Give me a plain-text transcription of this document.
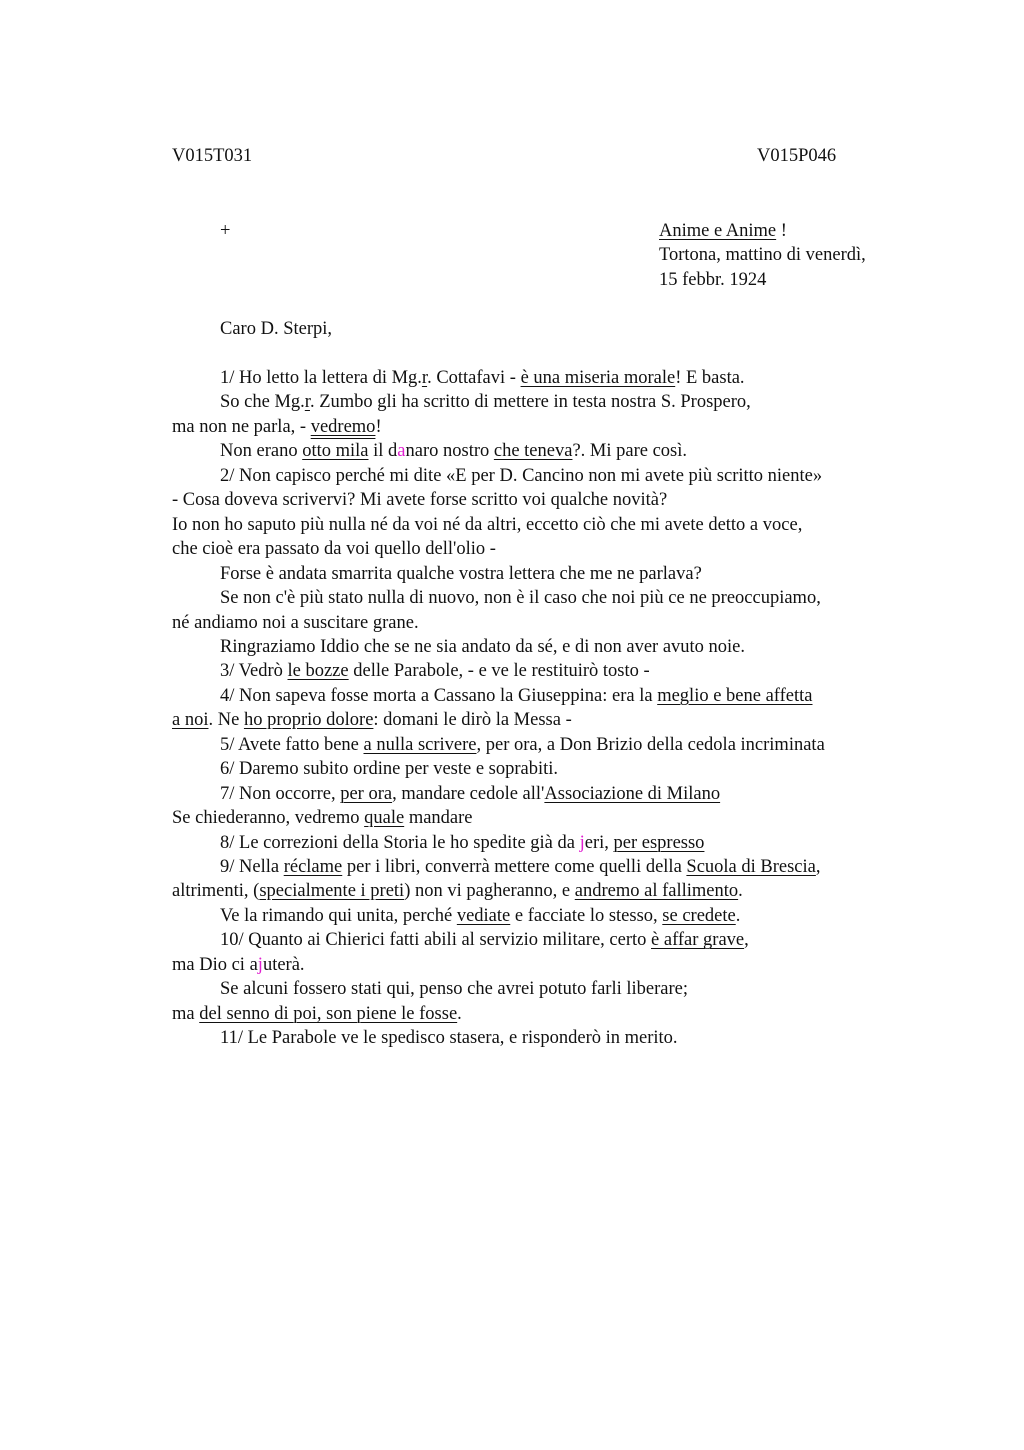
V015T031	V015P046
+	Anime e Anime !
Tortona, mattino di venerdì,
15 febbr. 1924
Caro D. Sterpi,
1/ Ho letto la lettera di Mg.r. Cottafavi - è una miseria morale! E basta.
So che Mg.r. Zumbo gli ha scritto di mettere in testa nostra S. Prospero,
ma non ne parla, - vedremo!
Non erano otto mila il danaro nostro che teneva?. Mi pare così.
2/ Non capisco perché mi dite «E per D. Cancino non mi avete più scritto niente»
- Cosa doveva scrivervi? Mi avete forse scritto voi qualche novità?
Io non ho saputo più nulla né da voi né da altri, eccetto ciò che mi avete detto a voce,
che cioè era passato da voi quello dell'olio -
Forse è andata smarrita qualche vostra lettera che me ne parlava?
Se non c'è più stato nulla di nuovo, non è il caso che noi più ce ne preoccupiamo,
né andiamo noi a suscitare grane.
Ringraziamo Iddio che se ne sia andato da sé, e di non aver avuto noie.
3/ Vedrò le bozze delle Parabole, - e ve le restituirò tosto -
4/ Non sapeva fosse morta a Cassano la Giuseppina: era la meglio e bene affetta
a noi. Ne ho proprio dolore: domani le dirò la Messa -
5/ Avete fatto bene a nulla scrivere, per ora, a Don Brizio della cedola incriminata
6/ Daremo subito ordine per veste e soprabiti.
7/ Non occorre, per ora, mandare cedole all'Associazione di Milano
Se chiederanno, vedremo quale mandare
8/ Le correzioni della Storia le ho spedite già da jeri, per espresso
9/ Nella réclame per i libri, converrà mettere come quelli della Scuola di Brescia,
altrimenti, (specialmente i preti) non vi pagheranno, e andremo al fallimento.
Ve la rimando qui unita, perché vediate e facciate lo stesso, se credete.
10/ Quanto ai Chierici fatti abili al servizio militare, certo è affar grave,
ma Dio ci ajuterà.
Se alcuni fossero stati qui, penso che avrei potuto farli liberare;
ma del senno di poi, son piene le fosse.
11/ Le Parabole ve le spedisco stasera, e risponderò in merito.
